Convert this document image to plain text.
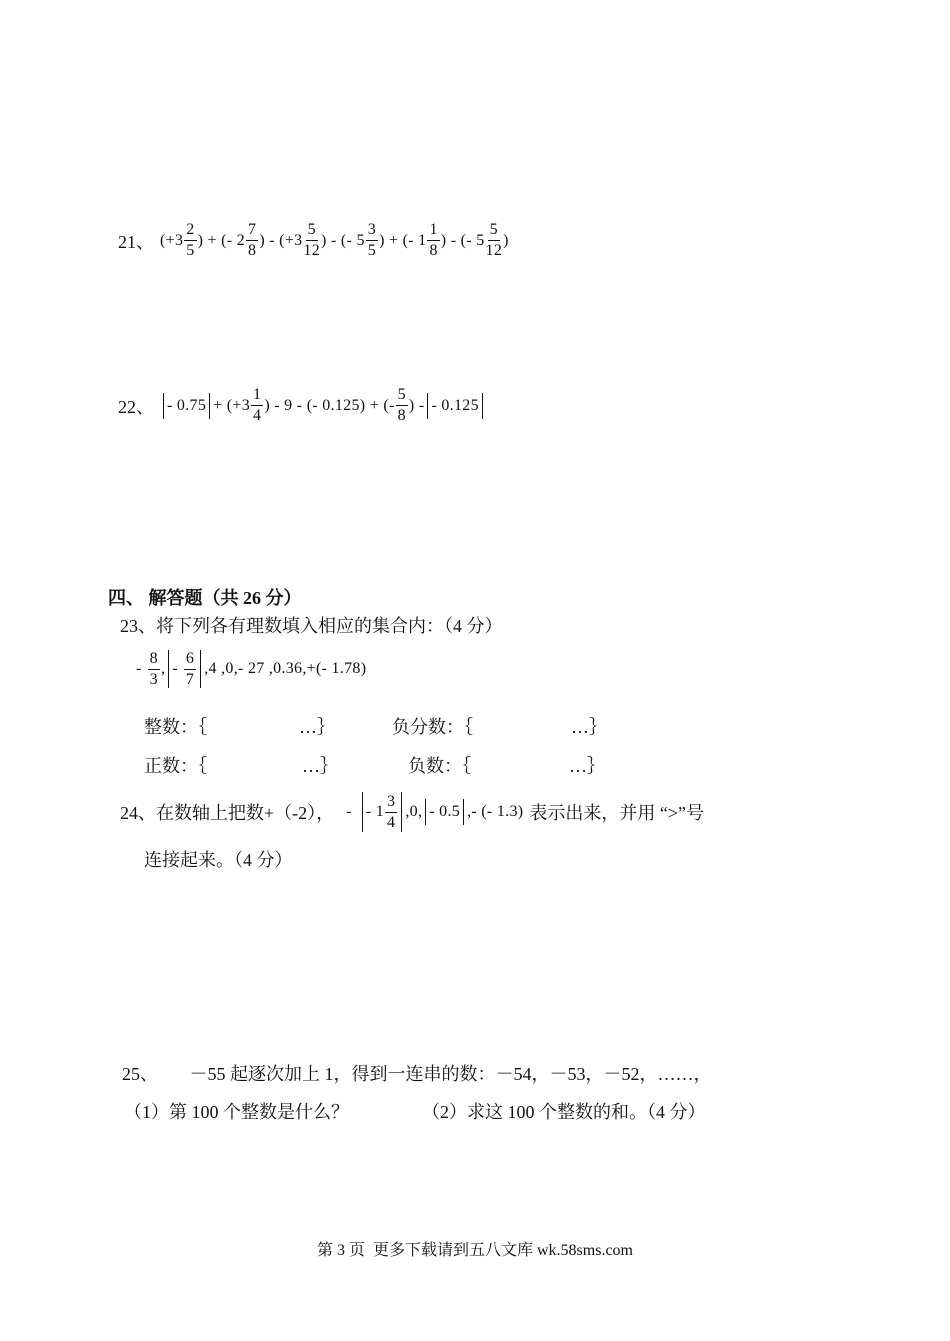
21、 ($+3 \frac{2}{5}$ ) + (- $2 \frac{7}{8}$ ) - ($+3 \frac{5}{12}$ ) - (- $5 \frac{3}{5}$ ) + (- $1 \frac{1}{8}$ ) - (- $5 \frac{5}{12}$ )
22、 - $0.75 + (+3 \frac{1}{4}$ ) - 9 - (- 0.125) + (- $\frac{5}{8}$ ) - - 0.125
四、 解答题（共 26 分）
23、将下列各有理数填入相应的集合内：（4 分）
- $\frac{8}{3}$ , - $\frac{6}{7} ,4$ ,0,- 27 ,0.36,+(- 1.78)
整数：｛	…｝	负分数：｛	…｝
正数：｛	…｝	负数：｛	…｝
24、在数轴上把数+（-2）， - - $1 \frac{3}{4} ,0$, - 0.5 ,- (- 1.3) 表示出来，并用 “>”号
连接起来。（4 分）
25、       －55 起逐次加上 1，得到一连串的数：－54，－53，－52，……，
（1）第 100 个整数是什么？	（2）求这 100 个整数的和。（4 分）
第 3 页  更多下载请到五八文库 wk.58sms.com
